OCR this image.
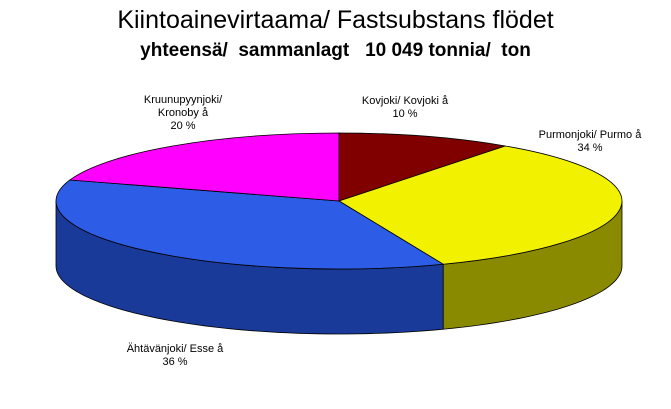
Kiintoainevirtaama/ Fastsubstans flödet
yhteensä/  sammanlagt   10 049 tonnia/  ton
Kovjoki/ Kovjoki å
10 %
Purmonjoki/ Purmo å
34 %
Ähtävänjoki/ Esse å
36 %
Kruunupyynjoki/
Kronoby å
20 %
